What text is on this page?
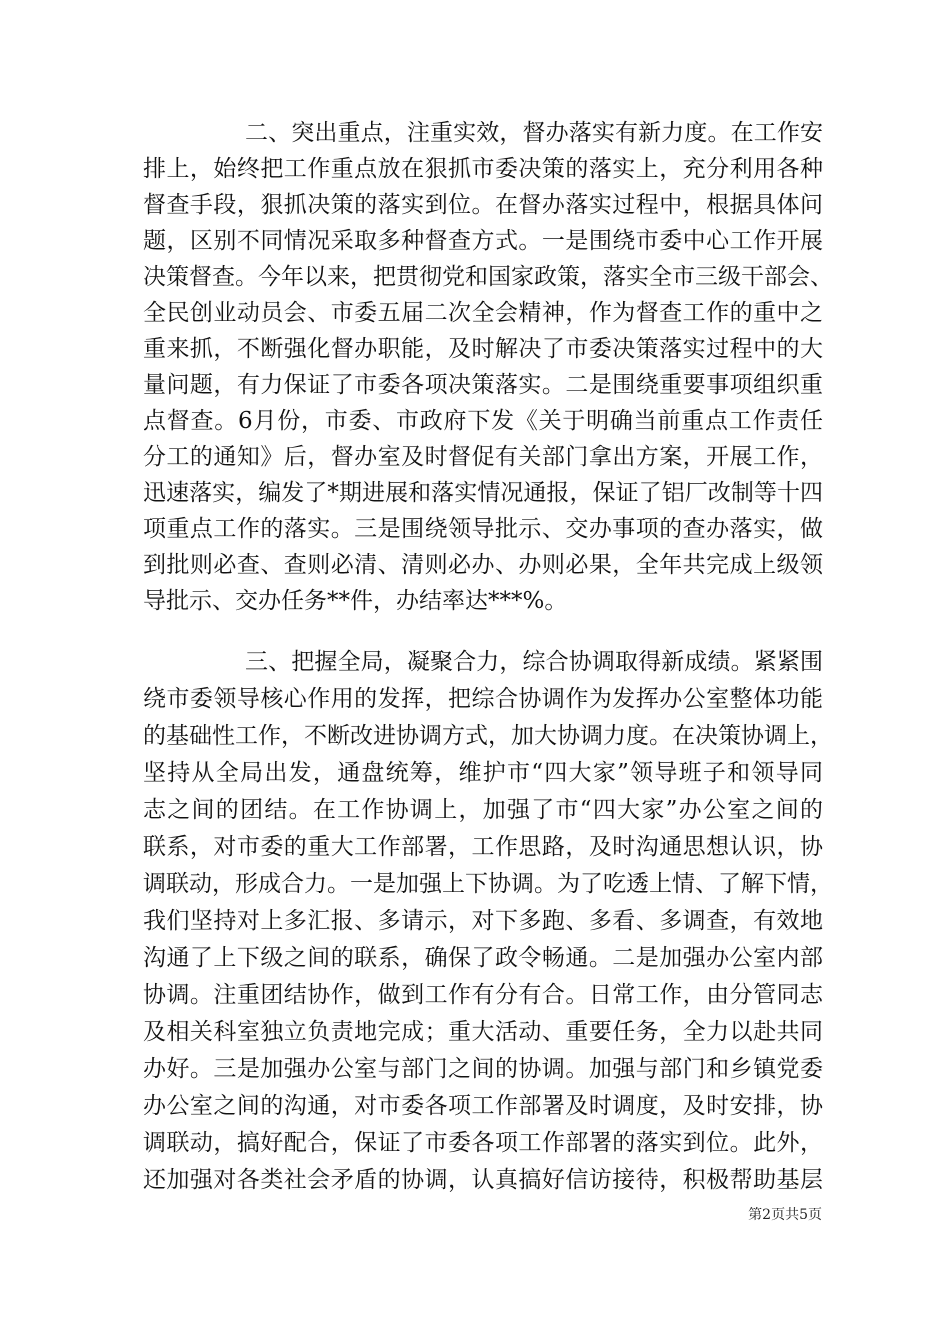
二、突出重点，注重实效，督办落实有新力度。在工作安
排上，始终把工作重点放在狠抓市委决策的落实上，充分利用各种
督查手段，狠抓决策的落实到位。在督办落实过程中，根据具体问
题，区别不同情况采取多种督查方式。一是围绕市委中心工作开展
决策督查。今年以来，把贯彻党和国家政策，落实全市三级干部会、
全民创业动员会、市委五届二次全会精神，作为督查工作的重中之
重来抓，不断强化督办职能，及时解决了市委决策落实过程中的大
量问题，有力保证了市委各项决策落实。二是围绕重要事项组织重
点督查。6月份，市委、市政府下发《关于明确当前重点工作责任
分工的通知》后，督办室及时督促有关部门拿出方案，开展工作，
迅速落实，编发了*期进展和落实情况通报，保证了铝厂改制等十四
项重点工作的落实。三是围绕领导批示、交办事项的查办落实，做
到批则必查、查则必清、清则必办、办则必果，全年共完成上级领
导批示、交办任务**件，办结率达***%。
三、把握全局，凝聚合力，综合协调取得新成绩。紧紧围
绕市委领导核心作用的发挥，把综合协调作为发挥办公室整体功能
的基础性工作，不断改进协调方式，加大协调力度。在决策协调上，
坚持从全局出发，通盘统筹，维护市“四大家”领导班子和领导同
志之间的团结。在工作协调上，加强了市“四大家”办公室之间的
联系，对市委的重大工作部署，工作思路，及时沟通思想认识，协
调联动，形成合力。一是加强上下协调。为了吃透上情、了解下情，
我们坚持对上多汇报、多请示，对下多跑、多看、多调查，有效地
沟通了上下级之间的联系，确保了政令畅通。二是加强办公室内部
协调。注重团结协作，做到工作有分有合。日常工作，由分管同志
及相关科室独立负责地完成；重大活动、重要任务，全力以赴共同
办好。三是加强办公室与部门之间的协调。加强与部门和乡镇党委
办公室之间的沟通，对市委各项工作部署及时调度，及时安排，协
调联动，搞好配合，保证了市委各项工作部署的落实到位。此外，
还加强对各类社会矛盾的协调，认真搞好信访接待，积极帮助基层
第2页共5页
